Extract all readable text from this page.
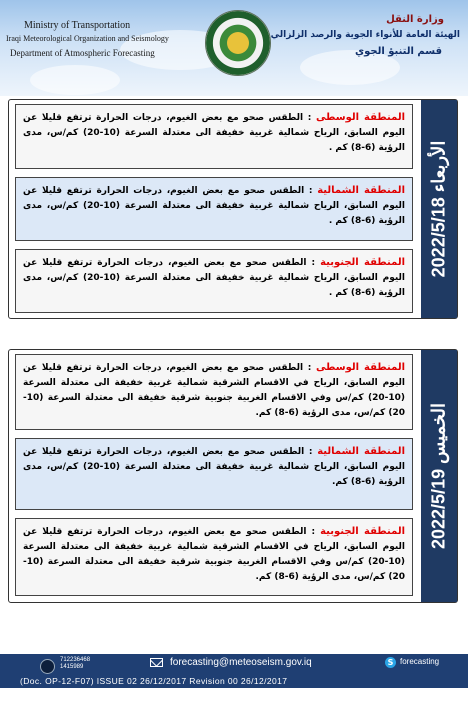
Ministry of Transportation
Iraqi Meteorological Organization and Seismology
Department of Atmospheric Forecasting
وزارة النقل
الهيئة العامة للأنواء الجوية والرصد الزلزالي
قسم التنبؤ الجوي
الأربعاء 2022/5/18
المنطقة الوسطى : الطقس صحو مع بعض الغيوم، درجات الحرارة ترتفع قليلا عن اليوم السابق، الرياح شمالية غربية خفيفة الى معتدلة السرعة (10-20) كم/س، مدى الرؤية (6-8) كم .
المنطقة الشمالية : الطقس صحو مع بعض الغيوم، درجات الحرارة ترتفع قليلا عن اليوم السابق، الرياح شمالية غربية خفيفة الى معتدلة السرعة (10-20) كم/س، مدى الرؤية (6-8) كم .
المنطقة الجنوبية : الطقس صحو مع بعض الغيوم، درجات الحرارة ترتفع قليلا عن اليوم السابق، الرياح شمالية غربية خفيفة الى معتدلة السرعة (10-20) كم/س، مدى الرؤية (6-8) كم .
الخميس 2022/5/19
المنطقة الوسطى : الطقس صحو مع بعض الغيوم، درجات الحرارة ترتفع قليلا عن اليوم السابق، الرياح في الاقسام الشرقية شمالية غربية خفيفة الى معتدلة السرعة (10-20) كم/س وفي الاقسام الغربية جنوبية شرقية خفيفة الى معتدلة السرعة (10-20) كم/س، مدى الرؤية (6-8) كم.
المنطقة الشمالية : الطقس صحو مع بعض الغيوم، درجات الحرارة ترتفع قليلا عن اليوم السابق، الرياح شمالية غربية خفيفة الى معتدلة السرعة (10-20) كم/س، مدى الرؤية (6-8) كم.
المنطقة الجنوبية : الطقس صحو مع بعض الغيوم، درجات الحرارة ترتفع قليلا عن اليوم السابق، الرياح في الاقسام الشرقية شمالية غربية خفيفة الى معتدلة السرعة (10-20) كم/س وفي الاقسام الغربية جنوبية شرقية خفيفة الى معتدلة السرعة (10-20) كم/س، مدى الرؤية (6-8) كم.
712236468
1415989	forecasting@meteoseism.gov.iq	S forecasting
(Doc. OP-12-F07) ISSUE 02 26/12/2017 Revision 00 26/12/2017
